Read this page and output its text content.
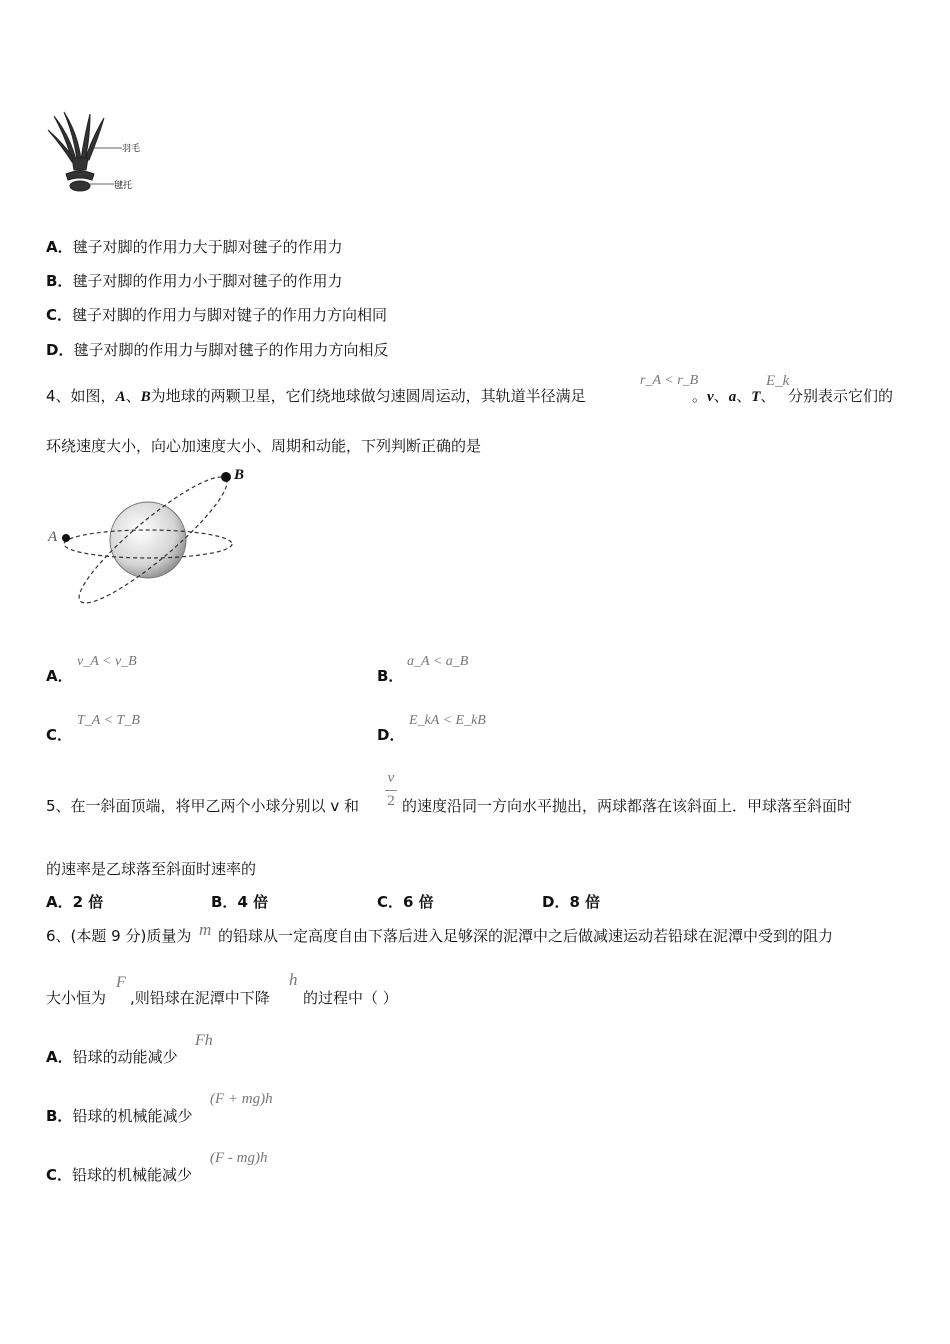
羽毛
毽托
A．毽子对脚的作用力大于脚对毽子的作用力
B．毽子对脚的作用力小于脚对毽子的作用力
C．毽子对脚的作用力与脚对键子的作用力方向相同
D．毽子对脚的作用力与脚对毽子的作用力方向相反
4、如图，A、B为地球的两颗卫星，它们绕地球做匀速圆周运动，其轨道半径满足
r_A < r_B
。v、a、T、
E_k
分别表示它们的
环绕速度大小，向心加速度大小、周期和动能，下列判断正确的是
A
B
A．
v_A < v_B
B．
a_A < a_B
C．
T_A < T_B
D．
E_kA < E_kB
5、在一斜面顶端，将甲乙两个小球分别以 v 和
v
2 的速度沿同一方向水平抛出，两球都落在该斜面上．甲球落至斜面时
的速率是乙球落至斜面时速率的
A．2 倍	B．4 倍	C．6 倍	D．8 倍
6、(本题 9 分)质量为 m 的铅球从一定高度自由下落后进入足够深的泥潭中之后做减速运动若铅球在泥潭中受到的阻力
大小恒为
F
,则铅球在泥潭中下降
h
的过程中（ ）
A．铅球的动能减少
Fh
B．铅球的机械能减少
(F + mg)h
C．铅球的机械能减少
(F - mg)h
